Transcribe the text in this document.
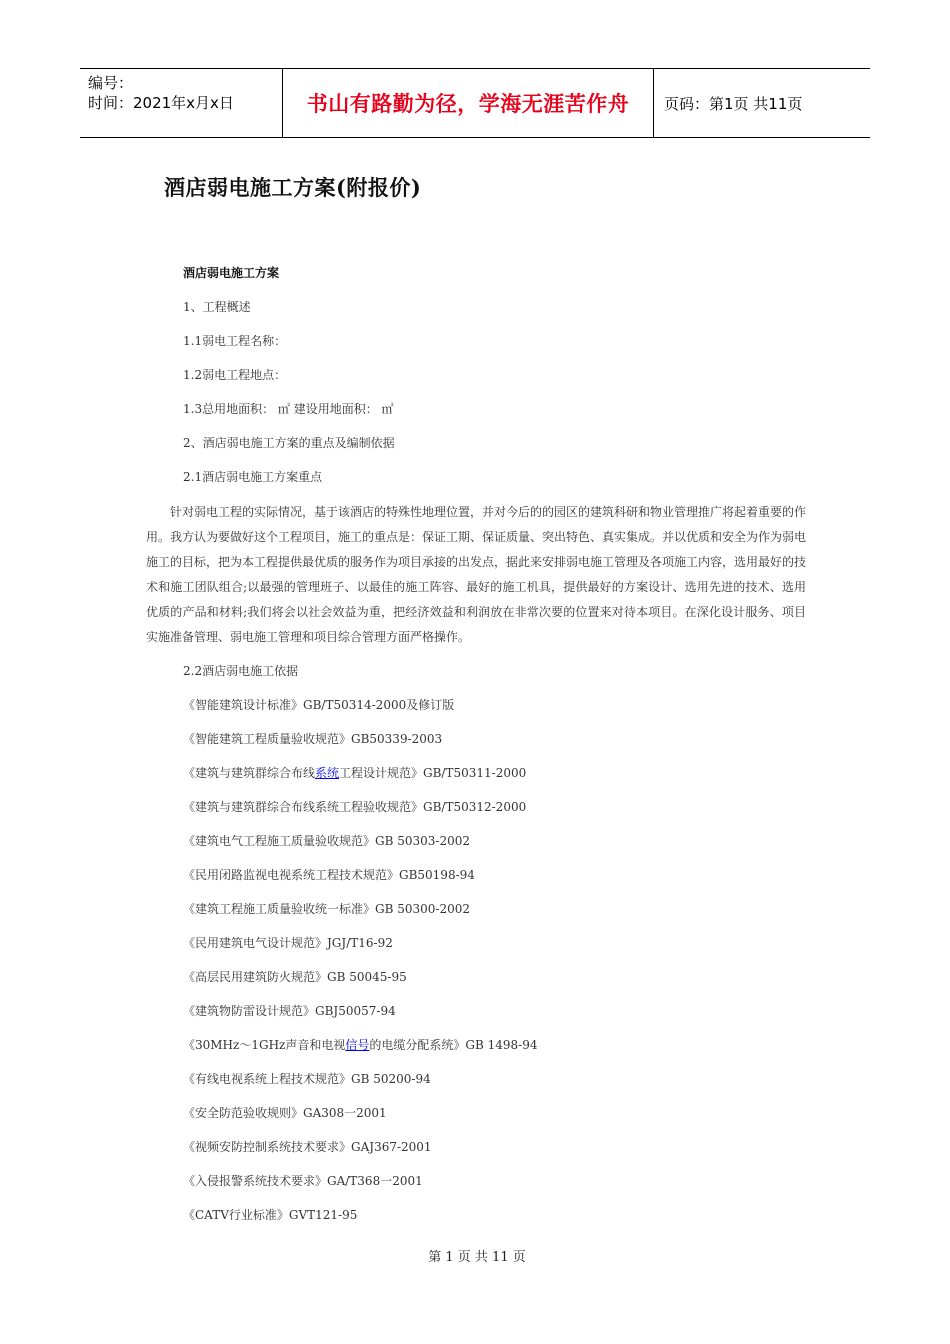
编号：
时间：2021年x月x日	书山有路勤为径，学海无涯苦作舟 页码：第1页 共11页
酒店弱电施工方案(附报价)
酒店弱电施工方案
1、工程概述
1.1弱电工程名称：
1.2弱电工程地点：
1.3总用地面积： ㎡ 建设用地面积： ㎡
2、酒店弱电施工方案的重点及编制依据
2.1酒店弱电施工方案重点

针对弱电工程的实际情况，基于该酒店的特殊性地理位置，并对今后的的园区的建筑科研和物业管理推广将起着重要的作用。我方认为要做好这个工程项目，施工的重点是：保证工期、保证质量、突出特色、真实集成。并以优质和安全为作为弱电施工的目标，把为本工程提供最优质的服务作为项目承接的出发点，据此来安排弱电施工管理及各项施工内容，选用最好的技术和施工团队组合;以最强的管理班子、以最佳的施工阵容、最好的施工机具，提供最好的方案设计、选用先进的技术、选用优质的产品和材料;我们将会以社会效益为重，把经济效益和利润放在非常次要的位置来对待本项目。在深化设计服务、项目实施准备管理、弱电施工管理和项目综合管理方面严格操作。

2.2酒店弱电施工依据
《智能建筑设计标准》GB/T50314-2000及修订版
《智能建筑工程质量验收规范》GB50339-2003
《建筑与建筑群综合布线系统工程设计规范》GB/T50311-2000
《建筑与建筑群综合布线系统工程验收规范》GB/T50312-2000
《建筑电气工程施工质量验收规范》GB 50303-2002
《民用闭路监视电视系统工程技术规范》GB50198-94
《建筑工程施工质量验收统一标准》GB 50300-2002
《民用建筑电气设计规范》JGJ/T16-92
《高层民用建筑防火规范》GB 50045-95
《建筑物防雷设计规范》GBJ50057-94
《30MHz～1GHz声音和电视信号的电缆分配系统》GB 1498-94
《有线电视系统上程技术规范》GB 50200-94
《安全防范验收规则》GA308一2001
《视频安防控制系统技术要求》GAJ367-2001
《入侵报警系统技术要求》GA/T368一2001
《CATV行业标准》GVT121-95
第 1 页 共 11 页
